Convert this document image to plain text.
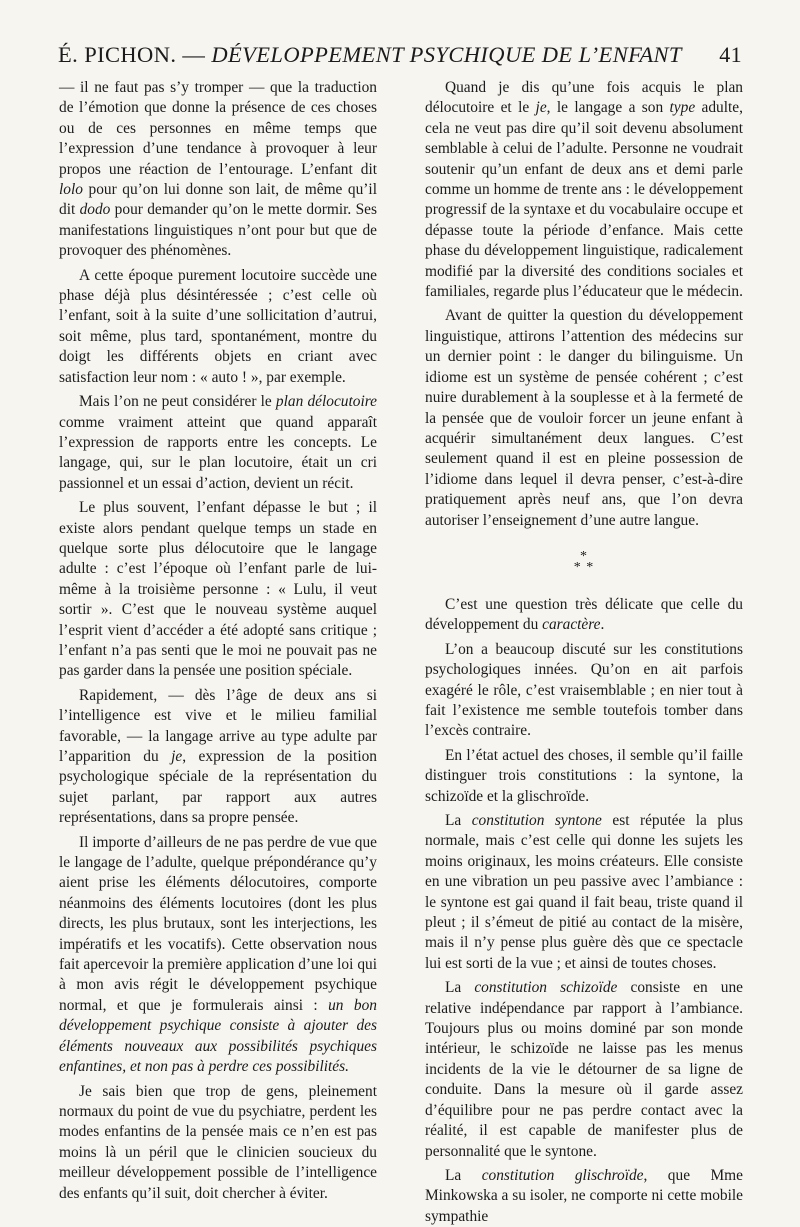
É. PICHON. — DÉVELOPPEMENT PSYCHIQUE DE L’ENFANT 41

— il ne faut pas s’y tromper — que la traduction de l’émotion que donne la présence de ces choses ou de ces personnes en même temps que l’expression d’une tendance à provoquer à leur propos une réaction de l’entourage. L’enfant dit lolo pour qu’on lui donne son lait, de même qu’il dit dodo pour demander qu’on le mette dormir. Ses manifestations linguistiques n’ont pour but que de provoquer des phénomènes.

A cette époque purement locutoire succède une phase déjà plus désintéressée ; c’est celle où l’enfant, soit à la suite d’une sollicitation d’autrui, soit même, plus tard, spontanément, montre du doigt les différents objets en criant avec satisfaction leur nom : « auto ! », par exemple.

Mais l’on ne peut considérer le plan délocutoire comme vraiment atteint que quand apparaît l’expression de rapports entre les concepts. Le langage, qui, sur le plan locutoire, était un cri passionnel et un essai d’action, devient un récit.

Le plus souvent, l’enfant dépasse le but ; il existe alors pendant quelque temps un stade en quelque sorte plus délocutoire que le langage adulte : c’est l’époque où l’enfant parle de lui-même à la troisième personne : « Lulu, il veut sortir ». C’est que le nouveau système auquel l’esprit vient d’accéder a été adopté sans critique ; l’enfant n’a pas senti que le moi ne pouvait pas ne pas garder dans la pensée une position spéciale.

Rapidement, — dès l’âge de deux ans si l’intelligence est vive et le milieu familial favorable, — la langage arrive au type adulte par l’apparition du je, expression de la position psychologique spéciale de la représentation du sujet parlant, par rapport aux autres représentations, dans sa propre pensée.

Il importe d’ailleurs de ne pas perdre de vue que le langage de l’adulte, quelque prépondérance qu’y aient prise les éléments délocutoires, comporte néanmoins des éléments locutoires (dont les plus directs, les plus brutaux, sont les interjections, les impératifs et les vocatifs). Cette observation nous fait apercevoir la première application d’une loi qui à mon avis régit le développement psychique normal, et que je formulerais ainsi : un bon développement psychique consiste à ajouter des éléments nouveaux aux possibilités psychiques enfantines, et non pas à perdre ces possibilités.

Je sais bien que trop de gens, pleinement normaux du point de vue du psychiatre, perdent les modes enfantins de la pensée mais ce n’en est pas moins là un péril que le clinicien soucieux du meilleur développement possible de l’intelligence des enfants qu’il suit, doit chercher à éviter.

Quand je dis qu’une fois acquis le plan délocutoire et le je, le langage a son type adulte, cela ne veut pas dire qu’il soit devenu absolument semblable à celui de l’adulte. Personne ne voudrait soutenir qu’un enfant de deux ans et demi parle comme un homme de trente ans : le développement progressif de la syntaxe et du vocabulaire occupe et dépasse toute la période d’enfance. Mais cette phase du développement linguistique, radicalement modifié par la diversité des conditions sociales et familiales, regarde plus l’éducateur que le médecin.

Avant de quitter la question du développement linguistique, attirons l’attention des médecins sur un dernier point : le danger du bilinguisme. Un idiome est un système de pensée cohérent ; c’est nuire durablement à la souplesse et à la fermeté de la pensée que de vouloir forcer un jeune enfant à acquérir simultanément deux langues. C’est seulement quand il est en pleine possession de l’idiome dans lequel il devra penser, c’est-à-dire pratiquement après neuf ans, que l’on devra autoriser l’enseignement d’une autre langue.

*
* *

C’est une question très délicate que celle du développement du caractère.

L’on a beaucoup discuté sur les constitutions psychologiques innées. Qu’on en ait parfois exagéré le rôle, c’est vraisemblable ; en nier tout à fait l’existence me semble toutefois tomber dans l’excès contraire.

En l’état actuel des choses, il semble qu’il faille distinguer trois constitutions : la syntone, la schizoïde et la glischroïde.

La constitution syntone est réputée la plus normale, mais c’est celle qui donne les sujets les moins originaux, les moins créateurs. Elle consiste en une vibration un peu passive avec l’ambiance : le syntone est gai quand il fait beau, triste quand il pleut ; il s’émeut de pitié au contact de la misère, mais il n’y pense plus guère dès que ce spectacle lui est sorti de la vue ; et ainsi de toutes choses.

La constitution schizoïde consiste en une relative indépendance par rapport à l’ambiance. Toujours plus ou moins dominé par son monde intérieur, le schizoïde ne laisse pas les menus incidents de la vie le détourner de sa ligne de conduite. Dans la mesure où il garde assez d’équilibre pour ne pas perdre contact avec la réalité, il est capable de manifester plus de personnalité que le syntone.

La constitution glischroïde, que Mme Minkowska a su isoler, ne comporte ni cette mobile sympathie
